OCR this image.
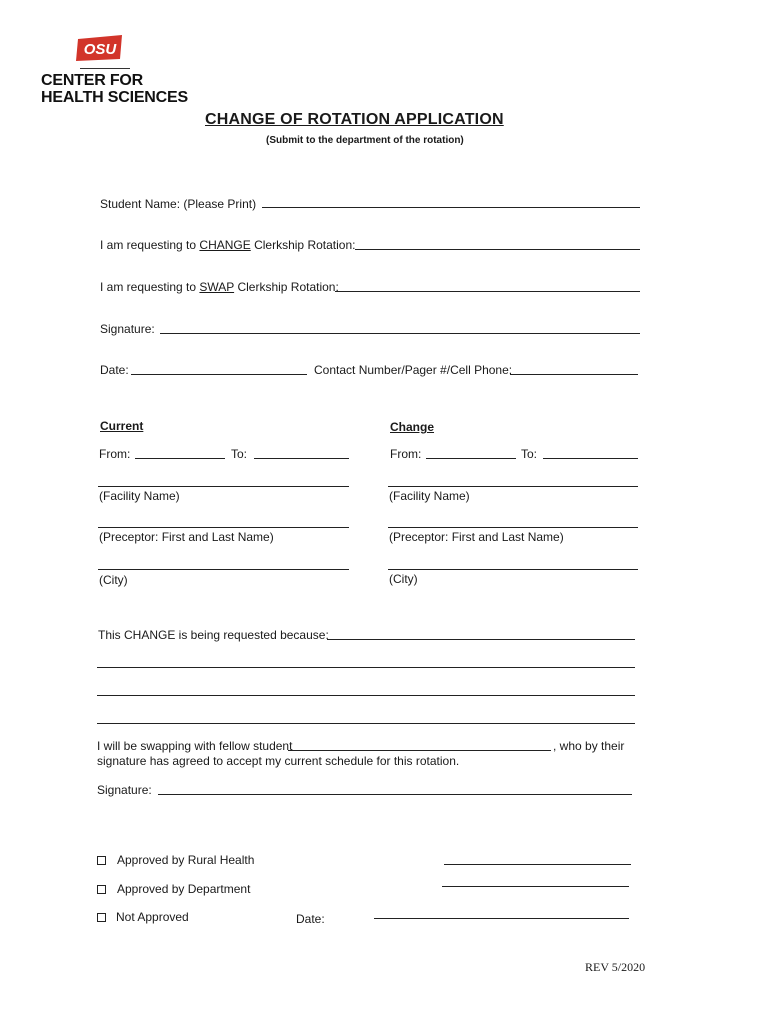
OSU
CENTER FOR
HEALTH SCIENCES
CHANGE OF ROTATION APPLICATION
(Submit to the department of the rotation)
Student Name: (Please Print)
I am requesting to CHANGE Clerkship Rotation:
I am requesting to SWAP Clerkship Rotation:
Signature:
Date:	Contact Number/Pager #/Cell Phone:
Current
From:	To:
(Facility Name)
(Preceptor: First and Last Name)
(City)
Change
From:	To:
(Facility Name)
(Preceptor: First and Last Name)
(City)
This CHANGE is being requested because:
I will be swapping with fellow student	, who by their
signature has agreed to accept my current schedule for this rotation.
Signature:
Approved by Rural Health
Approved by Department
Not Approved	Date:
REV 5/2020
